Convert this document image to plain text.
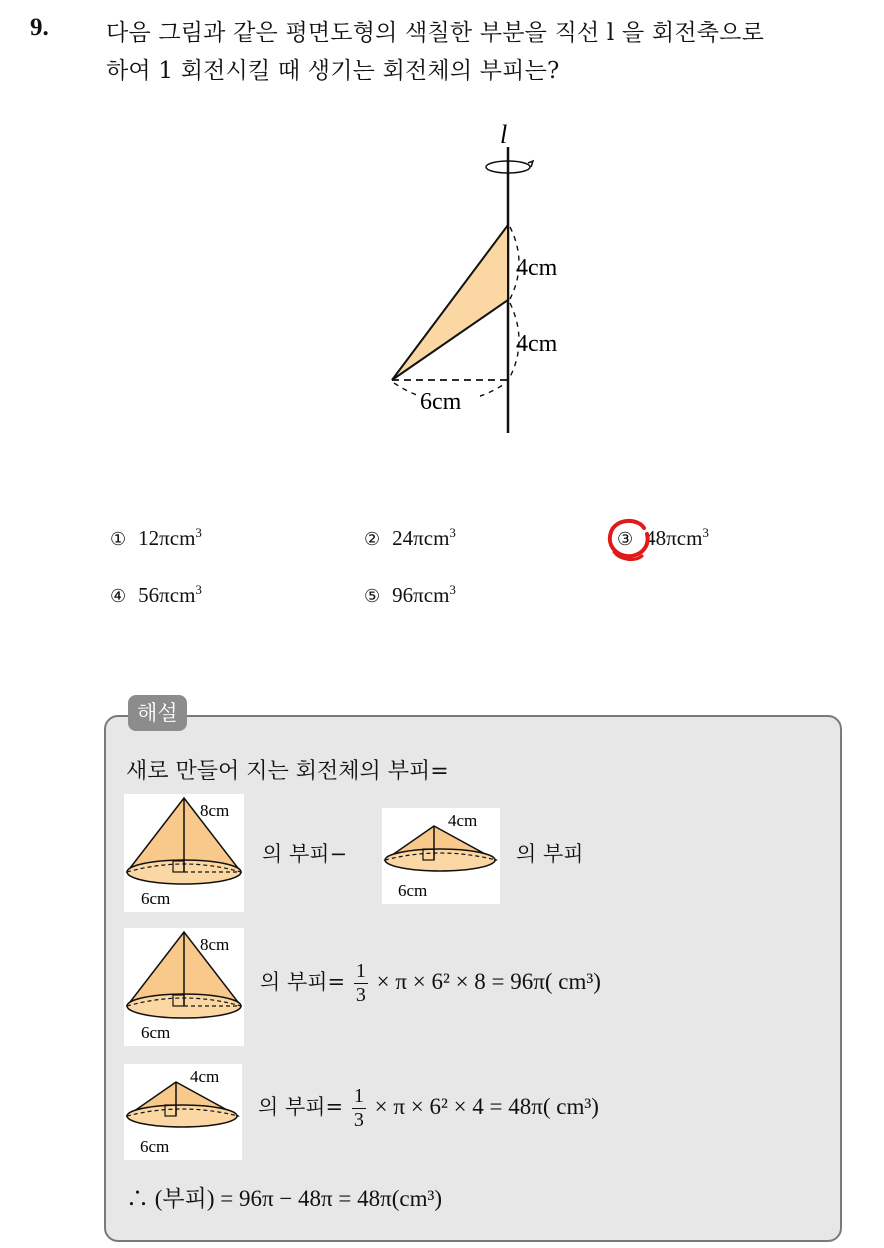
9. 다음 그림과 같은 평면도형의 색칠한 부분을 직선 l 을 회전축으로
하여 1 회전시킬 때 생기는 회전체의 부피는?
l
4cm
4cm
6cm
① 12πcm$^3$	② 24πcm$^3$	③ 48πcm$^3$
④ 56πcm$^3$	⑤ 96πcm$^3$
해설
새로 만들어 지는 회전체의 부피=
8cm
6cm
의 부피−
4cm
6cm
의 부피
8cm
6cm
의 부피= $\frac{1}{3} \times \pi \times 6^2 \times 8 = 96\pi$( cm³)
4cm
6cm
의 부피= $\frac{1}{3} \times \pi \times 6^2 \times 4 = 48\pi$( cm³)
∴ (부피) = 96π − 48π = 48π(cm³)
